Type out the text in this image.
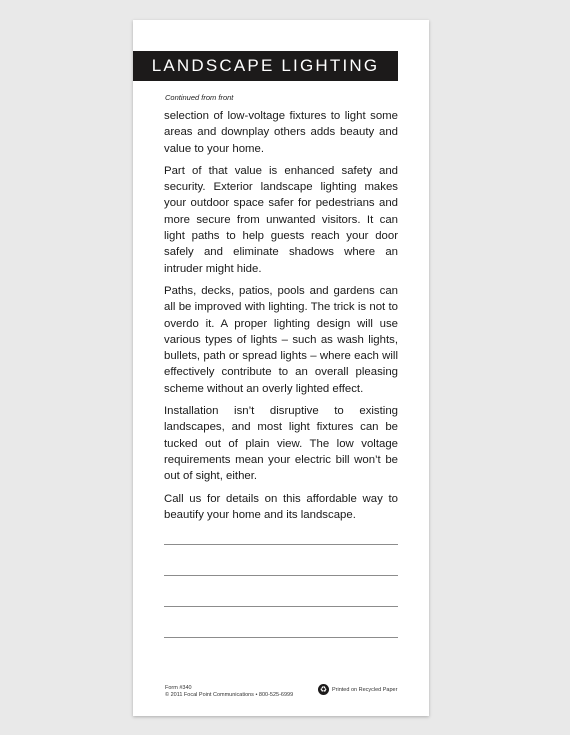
LANDSCAPE LIGHTING
Continued from front

selection of low-voltage fixtures to light some areas and downplay others adds beauty and value to your home.

Part of that value is enhanced safety and security. Exterior landscape lighting makes your outdoor space safer for pedestrians and more secure from unwanted visitors. It can light paths to help guests reach your door safely and eliminate shadows where an intruder might hide.

Paths, decks, patios, pools and gardens can all be improved with lighting. The trick is not to overdo it. A proper lighting design will use various types of lights – such as wash lights, bullets, path or spread lights – where each will effectively contribute to an overall pleasing scheme without an overly lighted effect.

Installation isn’t disruptive to existing landscapes, and most light fixtures can be tucked out of plain view. The low voltage requirements mean your electric bill won’t be out of sight, either.

Call us for details on this affordable way to beautify your home and its landscape.

Form #340
© 2011 Focal Point Communications • 800-525-6999
♻ Printed on Recycled Paper
